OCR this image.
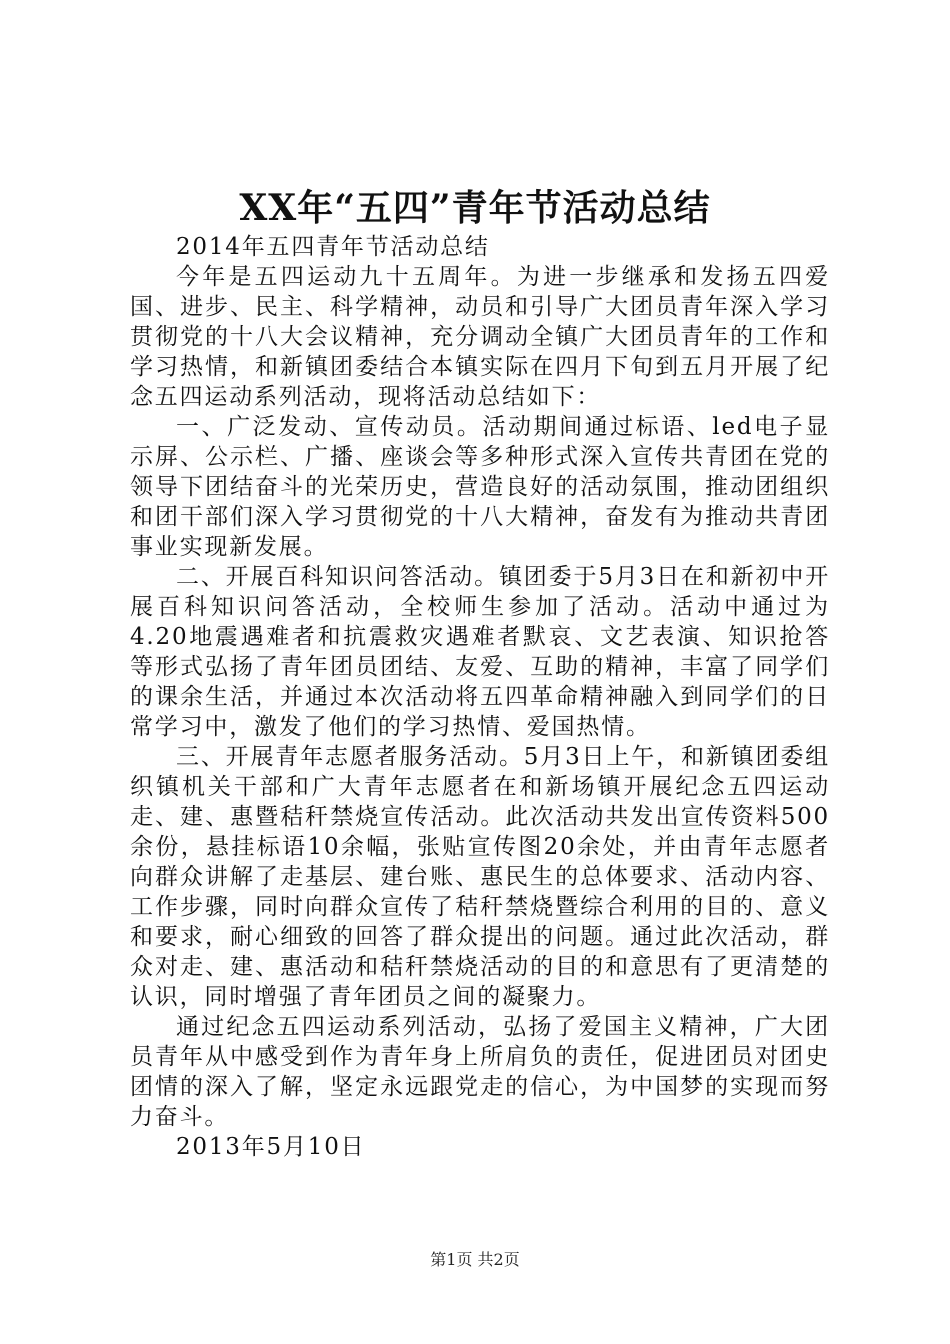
XX年“五四”青年节活动总结

2014年五四青年节活动总结

今年是五四运动九十五周年。为进一步继承和发扬五四爱国、进步、民主、科学精神，动员和引导广大团员青年深入学习贯彻党的十八大会议精神，充分调动全镇广大团员青年的工作和学习热情，和新镇团委结合本镇实际在四月下旬到五月开展了纪念五四运动系列活动，现将活动总结如下：

一、广泛发动、宣传动员。活动期间通过标语、led电子显示屏、公示栏、广播、座谈会等多种形式深入宣传共青团在党的领导下团结奋斗的光荣历史，营造良好的活动氛围，推动团组织和团干部们深入学习贯彻党的十八大精神，奋发有为推动共青团事业实现新发展。

二、开展百科知识问答活动。镇团委于5月3日在和新初中开展百科知识问答活动，全校师生参加了活动。活动中通过为4.20地震遇难者和抗震救灾遇难者默哀、文艺表演、知识抢答等形式弘扬了青年团员团结、友爱、互助的精神，丰富了同学们的课余生活，并通过本次活动将五四革命精神融入到同学们的日常学习中，激发了他们的学习热情、爱国热情。

三、开展青年志愿者服务活动。5月3日上午，和新镇团委组织镇机关干部和广大青年志愿者在和新场镇开展纪念五四运动走、建、惠暨秸秆禁烧宣传活动。此次活动共发出宣传资料500余份，悬挂标语10余幅，张贴宣传图20余处，并由青年志愿者向群众讲解了走基层、建台账、惠民生的总体要求、活动内容、工作步骤，同时向群众宣传了秸秆禁烧暨综合利用的目的、意义和要求，耐心细致的回答了群众提出的问题。通过此次活动，群众对走、建、惠活动和秸秆禁烧活动的目的和意思有了更清楚的认识，同时增强了青年团员之间的凝聚力。

通过纪念五四运动系列活动，弘扬了爱国主义精神，广大团员青年从中感受到作为青年身上所肩负的责任，促进团员对团史团情的深入了解，坚定永远跟党走的信心，为中国梦的实现而努力奋斗。

2013年5月10日

第1页 共2页
